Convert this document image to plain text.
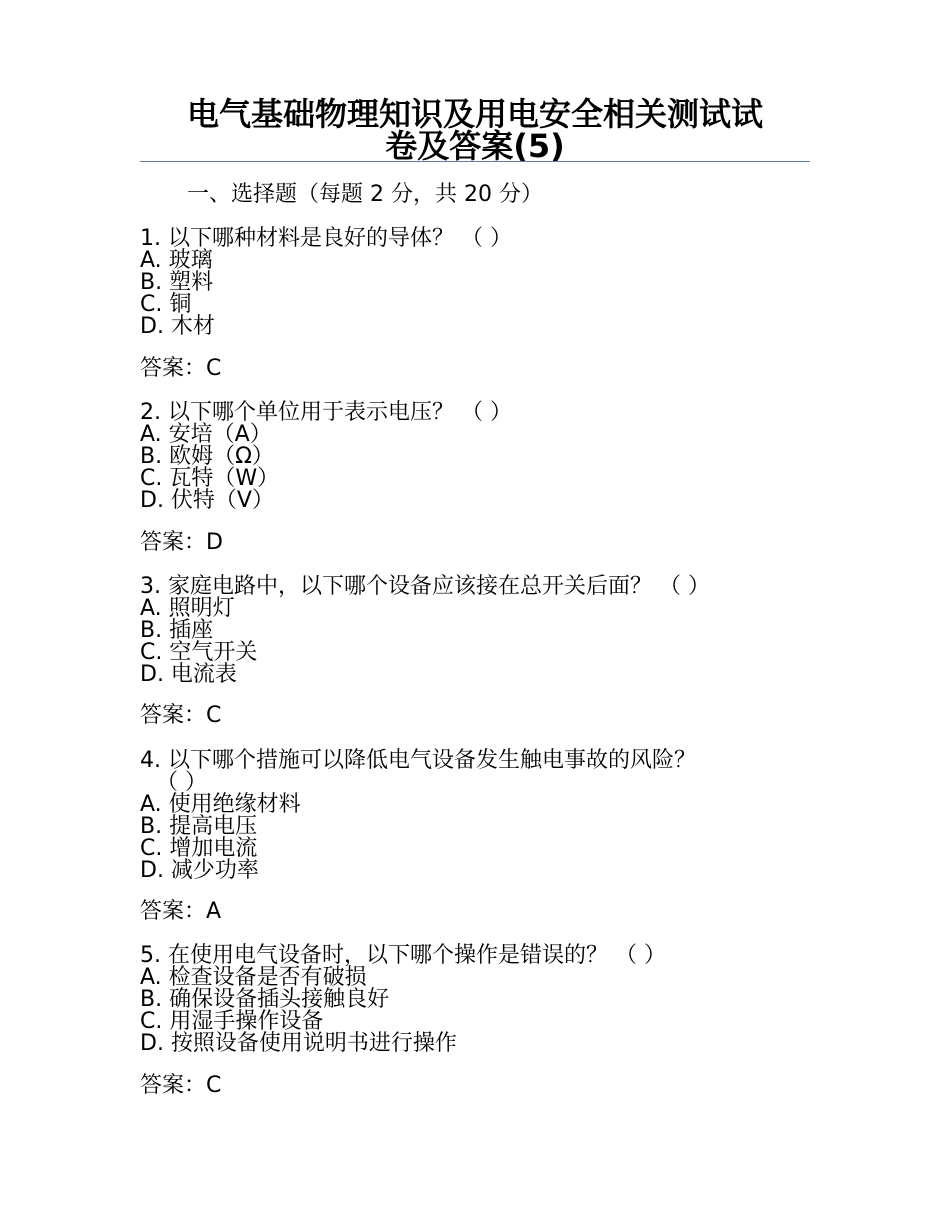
电气基础物理知识及用电安全相关测试试
卷及答案(5)
一、选择题（每题 2 分，共 20 分）
1. 以下哪种材料是良好的导体？ （ ）
A. 玻璃
B. 塑料
C. 铜
D. 木材
答案：C
2. 以下哪个单位用于表示电压？ （ ）
A. 安培（A）
B. 欧姆（Ω）
C. 瓦特（W）
D. 伏特（V）
答案：D
3. 家庭电路中，以下哪个设备应该接在总开关后面？ （ ）
A. 照明灯
B. 插座
C. 空气开关
D. 电流表
答案：C
4. 以下哪个措施可以降低电气设备发生触电事故的风险？
（ ）
A. 使用绝缘材料
B. 提高电压
C. 增加电流
D. 减少功率
答案：A
5. 在使用电气设备时，以下哪个操作是错误的？ （ ）
A. 检查设备是否有破损
B. 确保设备插头接触良好
C. 用湿手操作设备
D. 按照设备使用说明书进行操作
答案：C
